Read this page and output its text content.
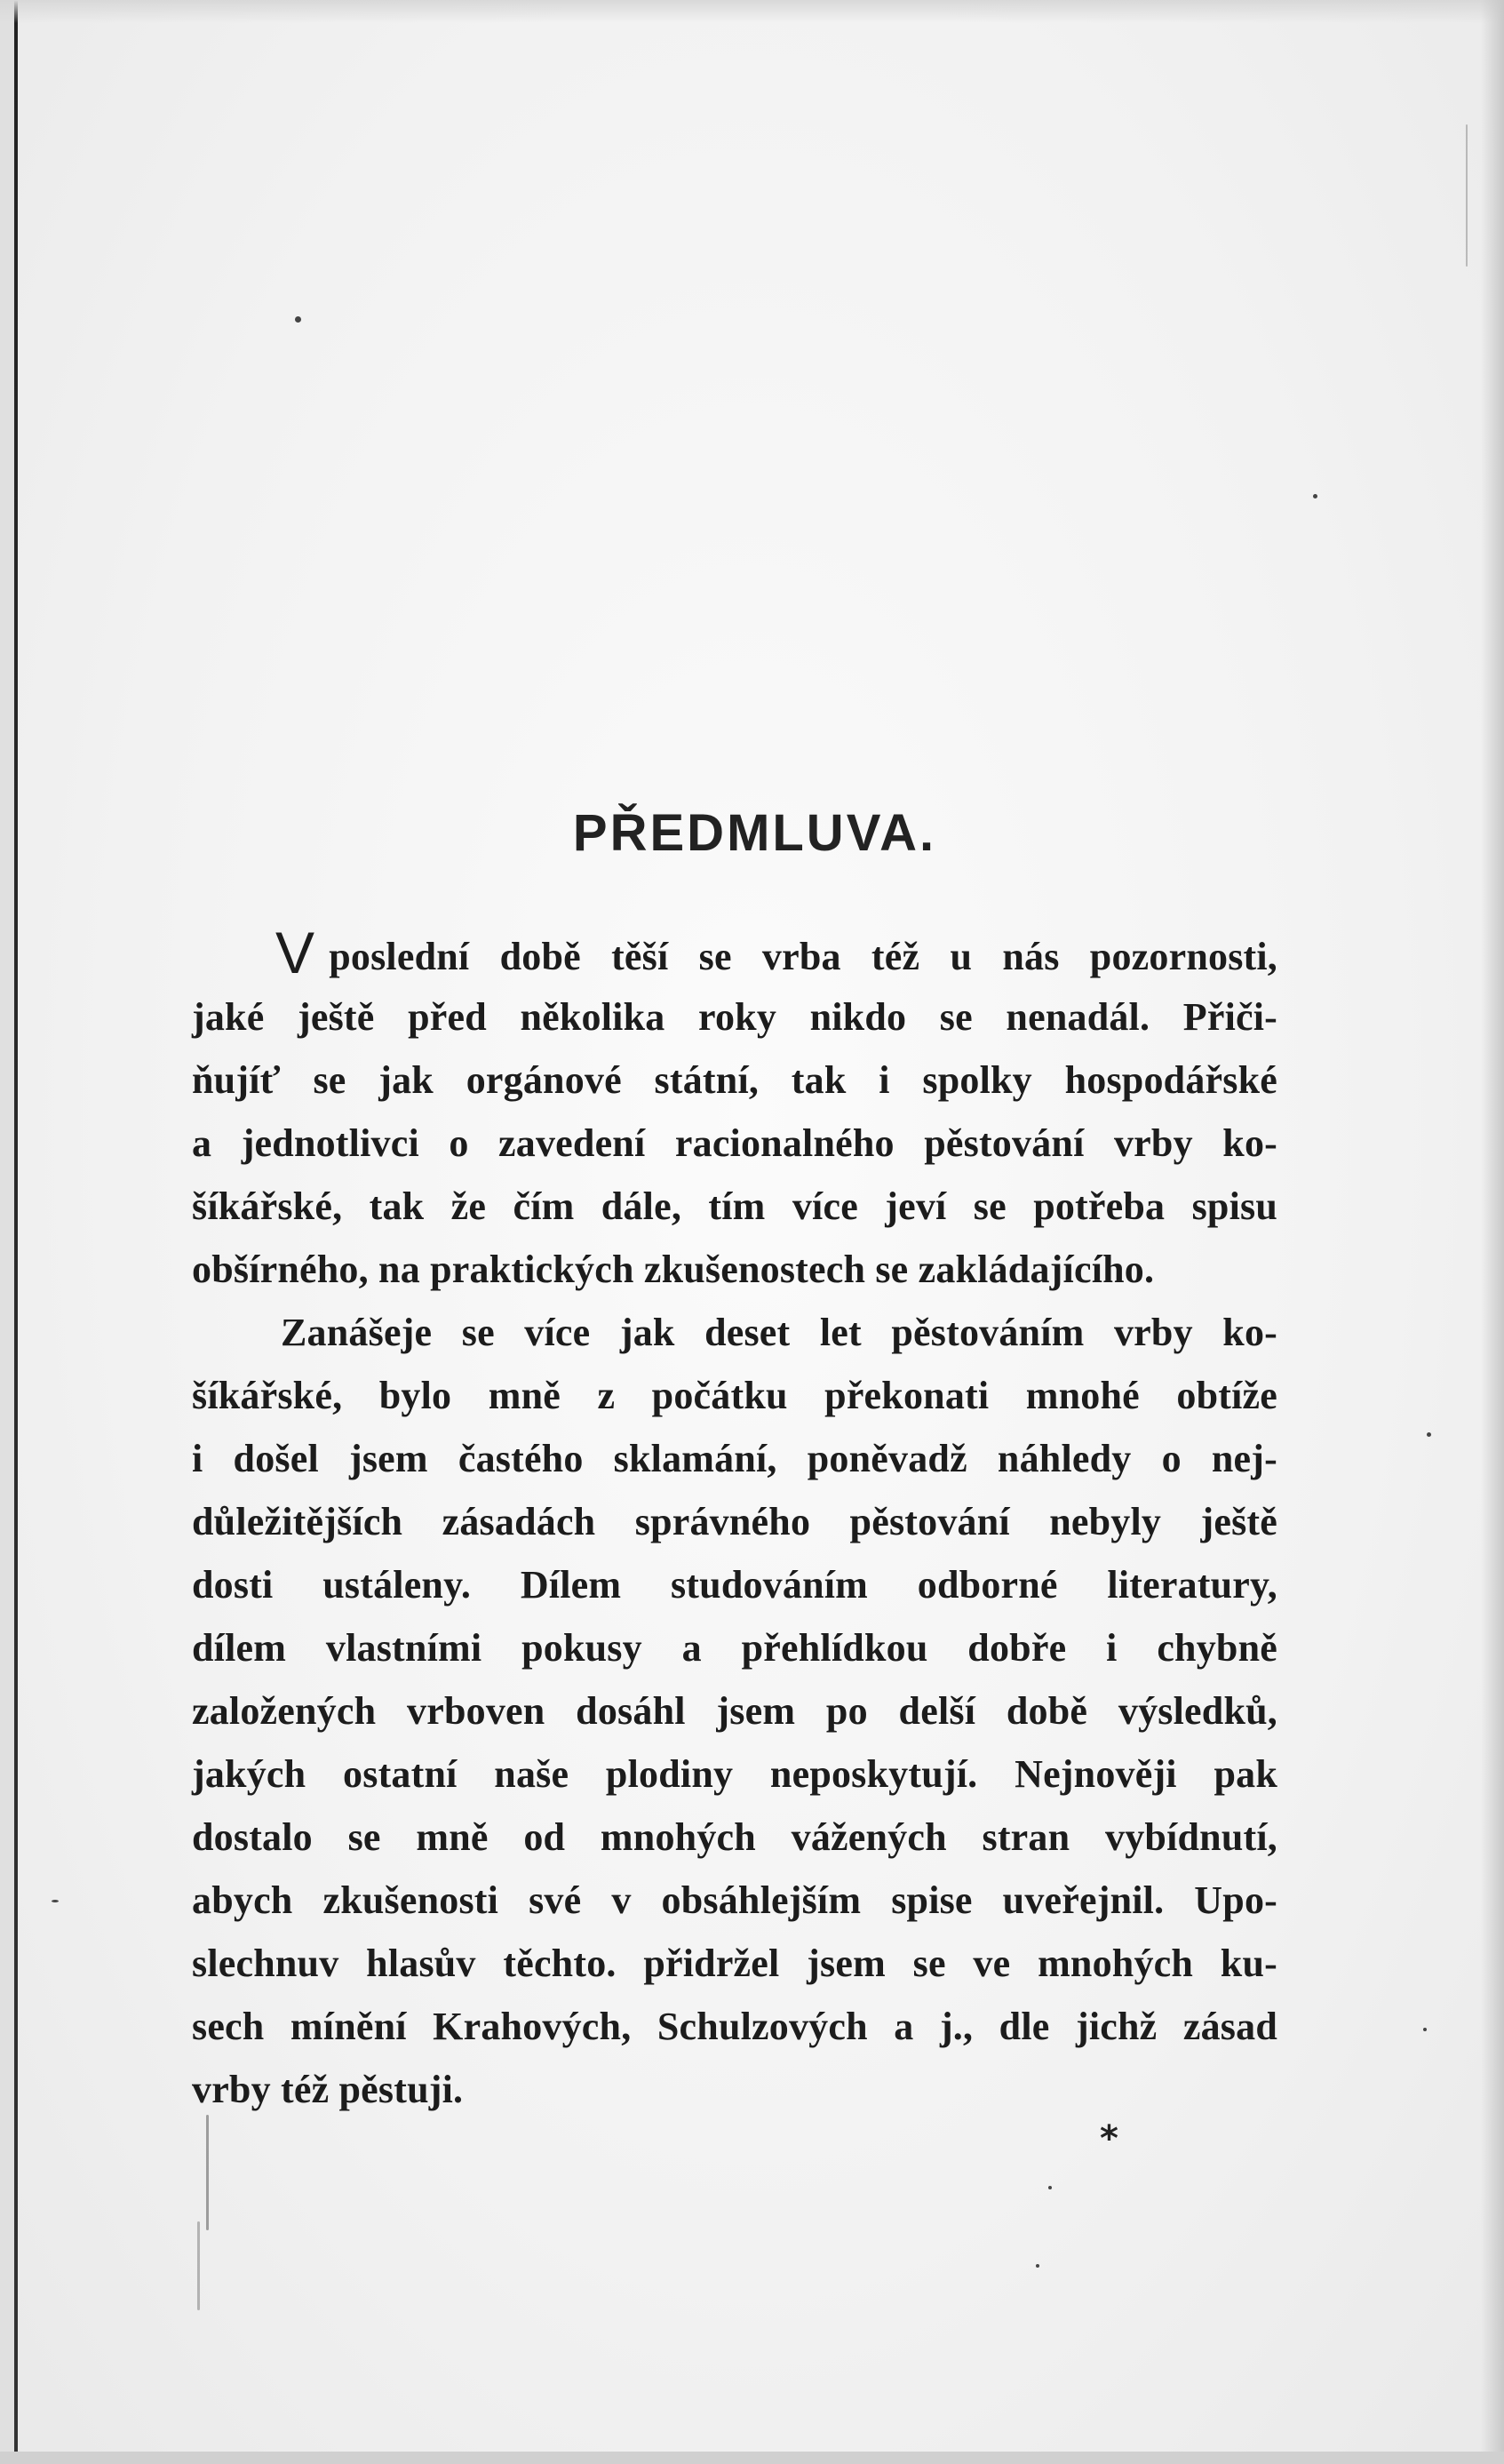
PŘEDMLUVA.
V poslední době těší se vrba též u nás pozornosti,
jaké ještě před několika roky nikdo se nenadál. Přiči-
ňujíť se jak orgánové státní, tak i spolky hospodářské
a jednotlivci o zavedení racionalného pěstování vrby ko-
šíkářské, tak že čím dále, tím více jeví se potřeba spisu
obšírného, na praktických zkušenostech se zakládajícího.
Zanášeje se více jak deset let pěstováním vrby ko-
šíkářské, bylo mně z počátku překonati mnohé obtíže
i došel jsem častého sklamání, poněvadž náhledy o nej-
důležitějších zásadách správného pěstování nebyly ještě
dosti ustáleny. Dílem studováním odborné literatury,
dílem vlastními pokusy a přehlídkou dobře i chybně
založených vrboven dosáhl jsem po delší době výsledků,
jakých ostatní naše plodiny neposkytují. Nejnověji pak
dostalo se mně od mnohých vážených stran vybídnutí,
abych zkušenosti své v obsáhlejším spise uveřejnil. Upo-
slechnuv hlasův těchto. přidržel jsem se ve mnohých ku-
sech mínění Krahových, Schulzových a j., dle jichž zásad
vrby též pěstuji.
*
